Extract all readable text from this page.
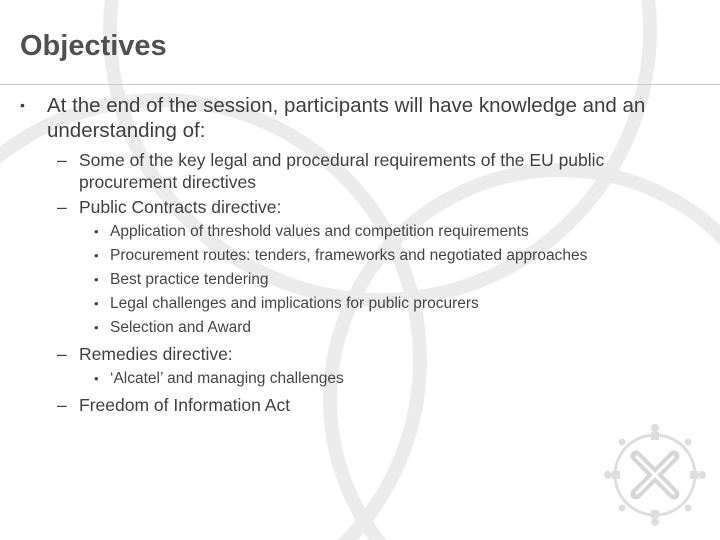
Objectives
• At the end of the session, participants will have knowledge and an understanding of:
– Some of the key legal and procedural requirements of the EU public procurement directives
– Public Contracts directive:
• Application of threshold values and competition requirements
• Procurement routes: tenders, frameworks and negotiated approaches
• Best practice tendering
• Legal challenges and implications for public procurers
• Selection and Award
– Remedies directive:
• ‘Alcatel’ and managing challenges
– Freedom of Information Act
